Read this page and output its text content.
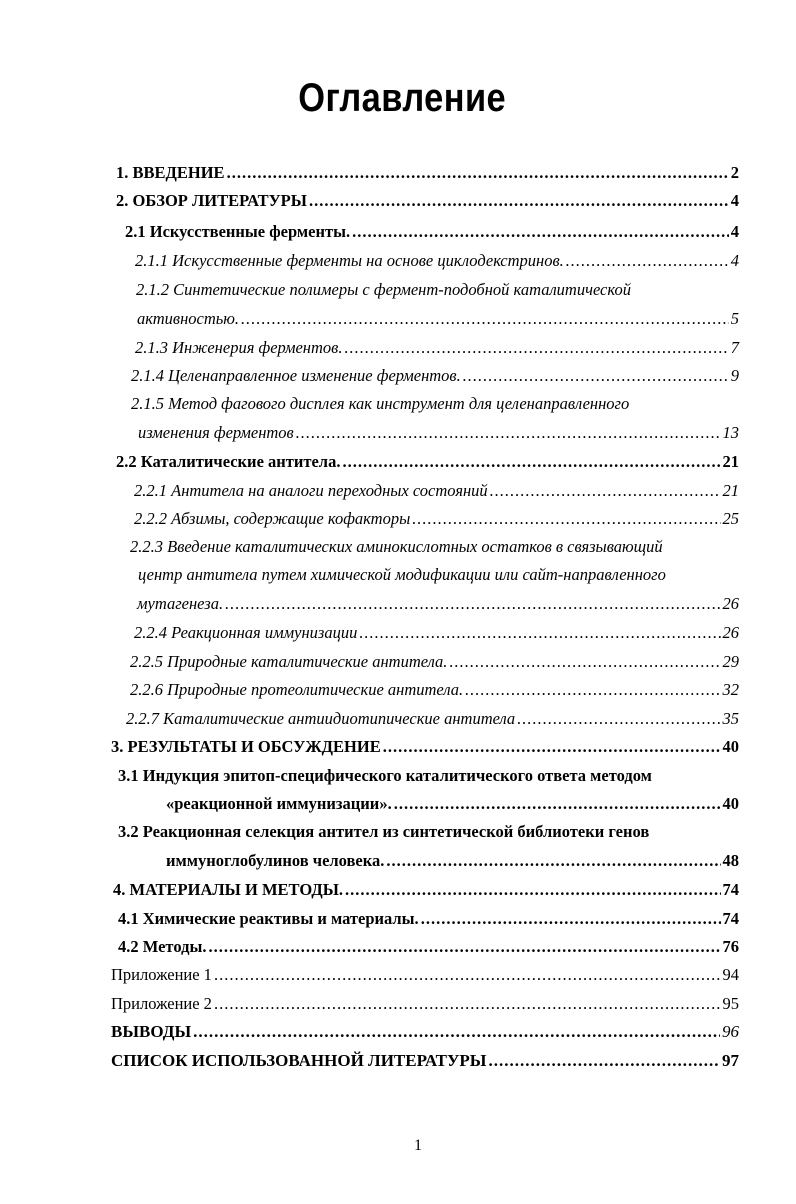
Оглавление
1. ВВЕДЕНИЕ .....	2
2. ОБЗОР ЛИТЕРАТУРЫ .....	4
2.1 Искусственные ферменты. .....	4
2.1.1 Искусственные ферменты на основе циклодекстринов. .....	4
2.1.2 Синтетические полимеры с фермент-подобной каталитической
активностью. .....	5
2.1.3 Инженерия ферментов. .....	7
2.1.4 Целенаправленное изменение ферментов. .....	9
2.1.5 Метод фагового дисплея как инструмент для целенаправленного
изменения ферментов .....	13
2.2 Каталитические антитела. .....	21
2.2.1 Антитела на аналоги переходных состояний .....	21
2.2.2 Абзимы, содержащие кофакторы .....	25
2.2.3 Введение каталитических аминокислотных остатков в связывающий
центр антитела путем химической модификации или сайт-направленного
мутагенеза. .....	26
2.2.4 Реакционная иммунизации .....	26
2.2.5 Природные каталитические антитела. .....	29
2.2.6 Природные протеолитические антитела. .....	32
2.2.7 Каталитические антиидиотипические антитела .....	35
3. РЕЗУЛЬТАТЫ И ОБСУЖДЕНИЕ .....	40
3.1 Индукция эпитоп-специфического каталитического ответа методом
«реакционной иммунизации». .....	40
3.2 Реакционная селекция антител из синтетической библиотеки генов
иммуноглобулинов человека. .....	48
4. МАТЕРИАЛЫ И МЕТОДЫ. .....	74
4.1 Химические реактивы и материалы. .....	74
4.2 Методы. .....	76
Приложение 1 .....	94
Приложение 2 .....	95
ВЫВОДЫ .....	96
СПИСОК ИСПОЛЬЗОВАННОЙ ЛИТЕРАТУРЫ .....	97
1
